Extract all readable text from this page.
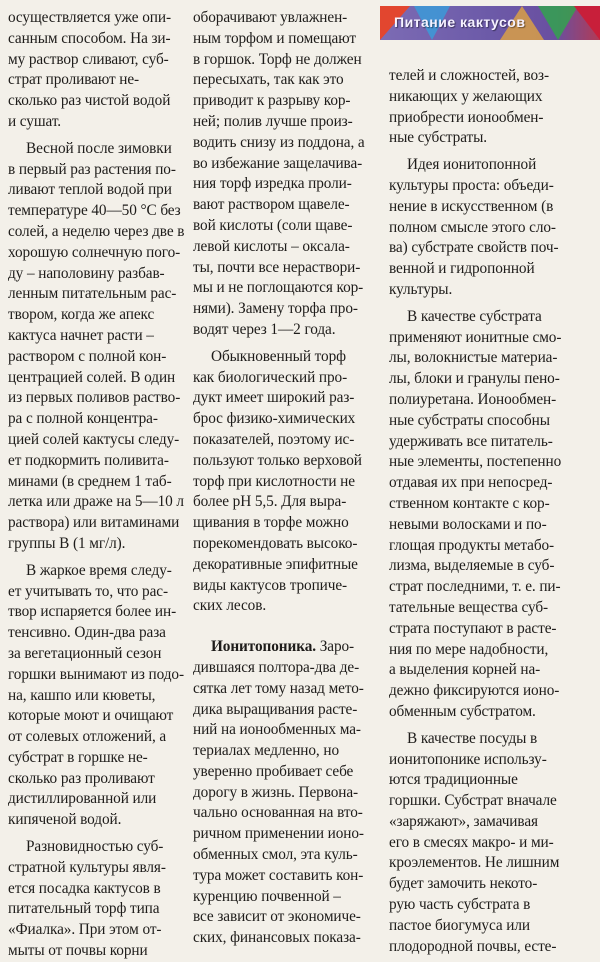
Питание кактусов

осуществляется уже опи-

санным способом. На зи-

му раствор сливают, суб-

страт проливают не-

сколько раз чистой водой

и сушат.

Весной после зимовки

в первый раз растения по-

ливают теплой водой при

температуре 40—50 °С без

солей, а неделю через две в

хорошую солнечную пого-

ду – наполовину разбав-

ленным питательным рас-

твором, когда же апекс

кактуса начнет расти –

раствором с полной кон-

центрацией солей. В один

из первых поливов раство-

ра с полной концентра-

цией солей кактусы следу-

ет подкормить поливита-

минами (в среднем 1 таб-

летка или драже на 5—10 л

раствора) или витаминами

группы В (1 мг/л).

В жаркое время следу-

ет учитывать то, что рас-

твор испаряется более ин-

тенсивно. Один-два раза

за вегетационный сезон

горшки вынимают из подо-

на, кашпо или кюветы,

которые моют и очищают

от солевых отложений, а

субстрат в горшке не-

сколько раз проливают

дистиллированной или

кипяченой водой.

Разновидностью суб-

стратной культуры явля-

ется посадка кактусов в

питательный торф типа

«Фиалка». При этом от-

мыты от почвы корни

оборачивают увлажнен-

ным торфом и помещают

в горшок. Торф не должен

пересыхать, так как это

приводит к разрыву кор-

ней; полив лучше произ-

водить снизу из поддона, а

во избежание защелачива-

ния торф изредка проли-

вают раствором щавеле-

вой кислоты (соли щаве-

левой кислоты – оксала-

ты, почти все нераствори-

мы и не поглощаются кор-

нями). Замену торфа про-

водят через 1—2 года.

Обыкновенный торф

как биологический про-

дукт имеет широкий раз-

брос физико-химических

показателей, поэтому ис-

пользуют только верховой

торф при кислотности не

более pH 5,5. Для выра-

щивания в торфе можно

порекомендовать высоко-

декоративные эпифитные

виды кактусов тропиче-

ских лесов.

Ионитопоника. Заро-

дившаяся полтора-два де-

сятка лет тому назад мето-

дика выращивания расте-

ний на ионообменных ма-

териалах медленно, но

уверенно пробивает себе

дорогу в жизнь. Первона-

чально основанная на вто-

ричном применении ионо-

обменных смол, эта куль-

тура может составить кон-

куренцию почвенной –

все зависит от экономиче-

ских, финансовых показа-

телей и сложностей, воз-

никающих у желающих

приобрести ионообмен-

ные субстраты.

Идея ионитопонной

культуры проста: объеди-

нение в искусственном (в

полном смысле этого сло-

ва) субстрате свойств поч-

венной и гидропонной

культуры.

В качестве субстрата

применяют ионитные смо-

лы, волокнистые материа-

лы, блоки и гранулы пено-

полиуретана. Ионообмен-

ные субстраты способны

удерживать все питатель-

ные элементы, постепенно

отдавая их при непосред-

ственном контакте с кор-

невыми волосками и по-

глощая продукты метабо-

лизма, выделяемые в суб-

страт последними, т. е. пи-

тательные вещества суб-

страта поступают в расте-

ния по мере надобности,

а выделения корней на-

дежно фиксируются ионо-

обменным субстратом.

В качестве посуды в

ионитопонике использу-

ются традиционные

горшки. Субстрат вначале

«заряжают», замачивая

его в смесях макро- и ми-

кроэлементов. Не лишним

будет замочить некото-

рую часть субстрата в

пастое биогумуса или

плодородной почвы, есте-
